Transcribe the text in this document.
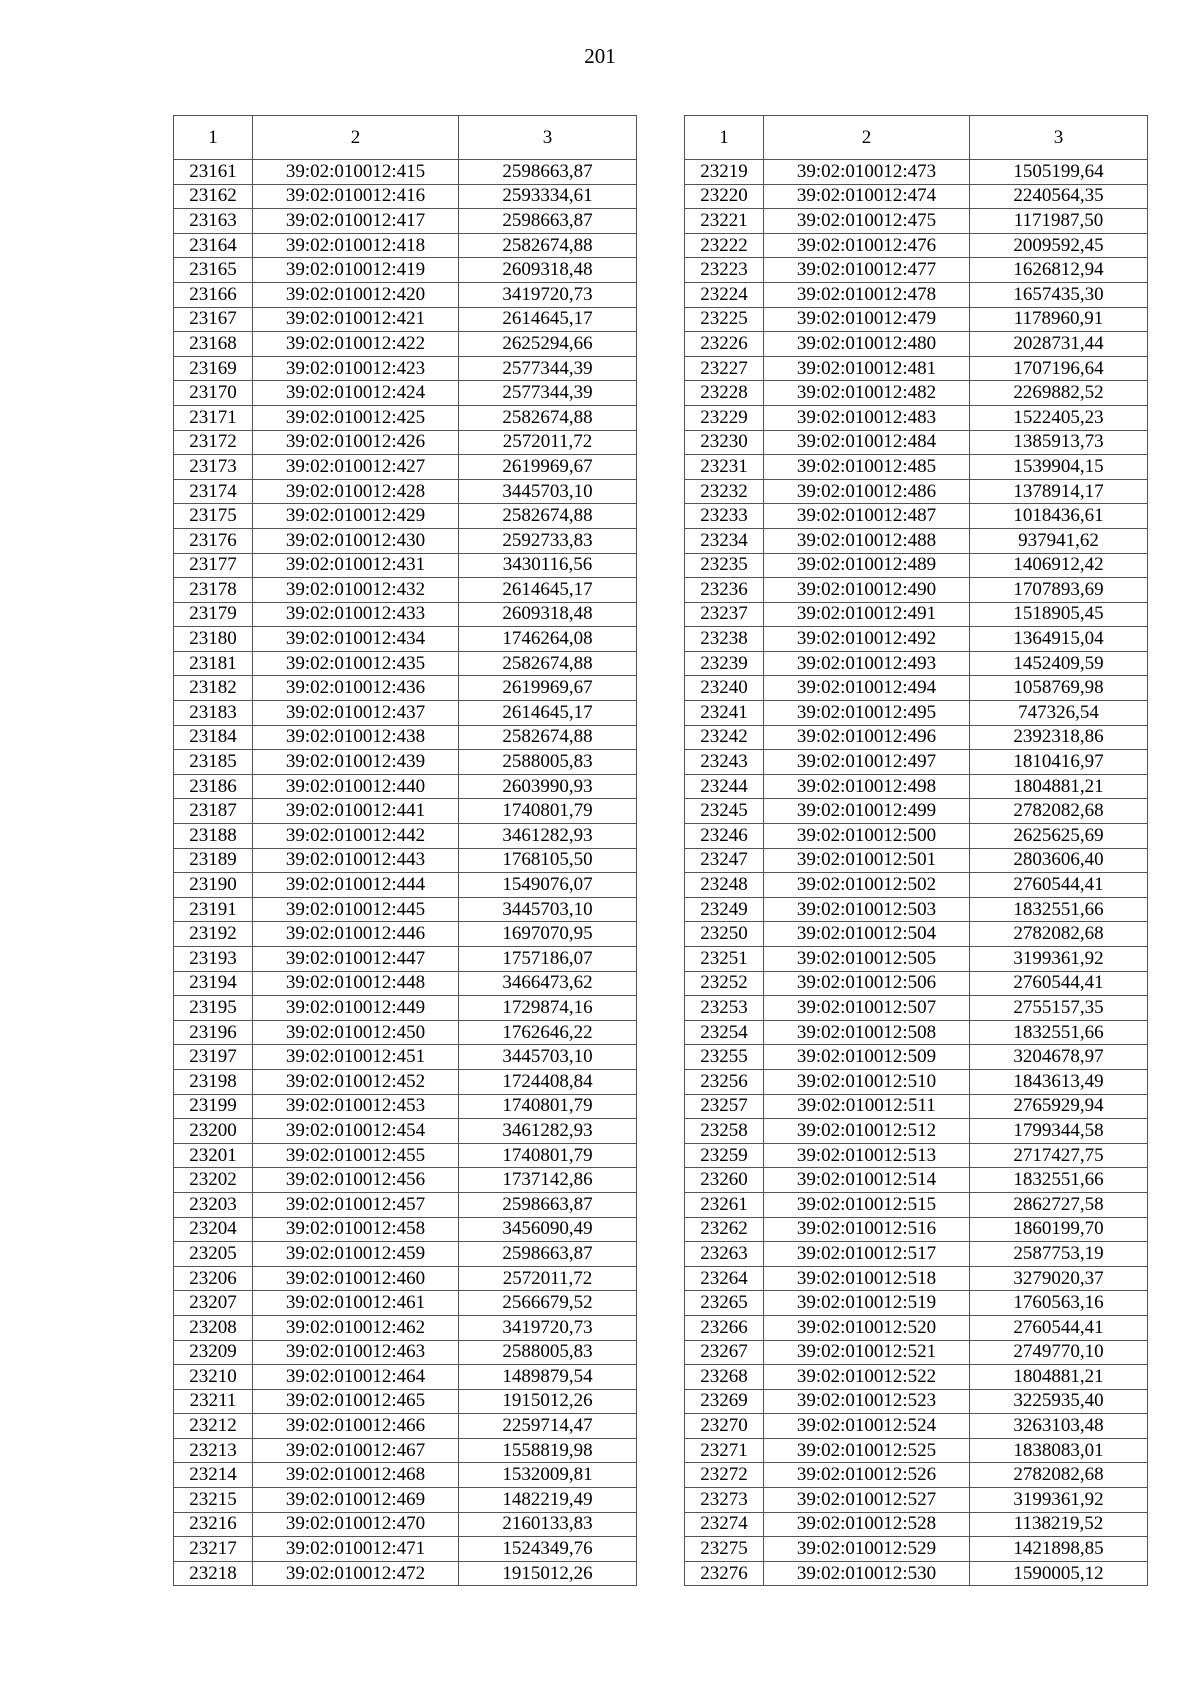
201
1	2	3
23161	39:02:010012:415	2598663,87
23162	39:02:010012:416	2593334,61
23163	39:02:010012:417	2598663,87
23164	39:02:010012:418	2582674,88
23165	39:02:010012:419	2609318,48
23166	39:02:010012:420	3419720,73
23167	39:02:010012:421	2614645,17
23168	39:02:010012:422	2625294,66
23169	39:02:010012:423	2577344,39
23170	39:02:010012:424	2577344,39
23171	39:02:010012:425	2582674,88
23172	39:02:010012:426	2572011,72
23173	39:02:010012:427	2619969,67
23174	39:02:010012:428	3445703,10
23175	39:02:010012:429	2582674,88
23176	39:02:010012:430	2592733,83
23177	39:02:010012:431	3430116,56
23178	39:02:010012:432	2614645,17
23179	39:02:010012:433	2609318,48
23180	39:02:010012:434	1746264,08
23181	39:02:010012:435	2582674,88
23182	39:02:010012:436	2619969,67
23183	39:02:010012:437	2614645,17
23184	39:02:010012:438	2582674,88
23185	39:02:010012:439	2588005,83
23186	39:02:010012:440	2603990,93
23187	39:02:010012:441	1740801,79
23188	39:02:010012:442	3461282,93
23189	39:02:010012:443	1768105,50
23190	39:02:010012:444	1549076,07
23191	39:02:010012:445	3445703,10
23192	39:02:010012:446	1697070,95
23193	39:02:010012:447	1757186,07
23194	39:02:010012:448	3466473,62
23195	39:02:010012:449	1729874,16
23196	39:02:010012:450	1762646,22
23197	39:02:010012:451	3445703,10
23198	39:02:010012:452	1724408,84
23199	39:02:010012:453	1740801,79
23200	39:02:010012:454	3461282,93
23201	39:02:010012:455	1740801,79
23202	39:02:010012:456	1737142,86
23203	39:02:010012:457	2598663,87
23204	39:02:010012:458	3456090,49
23205	39:02:010012:459	2598663,87
23206	39:02:010012:460	2572011,72
23207	39:02:010012:461	2566679,52
23208	39:02:010012:462	3419720,73
23209	39:02:010012:463	2588005,83
23210	39:02:010012:464	1489879,54
23211	39:02:010012:465	1915012,26
23212	39:02:010012:466	2259714,47
23213	39:02:010012:467	1558819,98
23214	39:02:010012:468	1532009,81
23215	39:02:010012:469	1482219,49
23216	39:02:010012:470	2160133,83
23217	39:02:010012:471	1524349,76
23218	39:02:010012:472	1915012,26
1	2	3
23219	39:02:010012:473	1505199,64
23220	39:02:010012:474	2240564,35
23221	39:02:010012:475	1171987,50
23222	39:02:010012:476	2009592,45
23223	39:02:010012:477	1626812,94
23224	39:02:010012:478	1657435,30
23225	39:02:010012:479	1178960,91
23226	39:02:010012:480	2028731,44
23227	39:02:010012:481	1707196,64
23228	39:02:010012:482	2269882,52
23229	39:02:010012:483	1522405,23
23230	39:02:010012:484	1385913,73
23231	39:02:010012:485	1539904,15
23232	39:02:010012:486	1378914,17
23233	39:02:010012:487	1018436,61
23234	39:02:010012:488	937941,62
23235	39:02:010012:489	1406912,42
23236	39:02:010012:490	1707893,69
23237	39:02:010012:491	1518905,45
23238	39:02:010012:492	1364915,04
23239	39:02:010012:493	1452409,59
23240	39:02:010012:494	1058769,98
23241	39:02:010012:495	747326,54
23242	39:02:010012:496	2392318,86
23243	39:02:010012:497	1810416,97
23244	39:02:010012:498	1804881,21
23245	39:02:010012:499	2782082,68
23246	39:02:010012:500	2625625,69
23247	39:02:010012:501	2803606,40
23248	39:02:010012:502	2760544,41
23249	39:02:010012:503	1832551,66
23250	39:02:010012:504	2782082,68
23251	39:02:010012:505	3199361,92
23252	39:02:010012:506	2760544,41
23253	39:02:010012:507	2755157,35
23254	39:02:010012:508	1832551,66
23255	39:02:010012:509	3204678,97
23256	39:02:010012:510	1843613,49
23257	39:02:010012:511	2765929,94
23258	39:02:010012:512	1799344,58
23259	39:02:010012:513	2717427,75
23260	39:02:010012:514	1832551,66
23261	39:02:010012:515	2862727,58
23262	39:02:010012:516	1860199,70
23263	39:02:010012:517	2587753,19
23264	39:02:010012:518	3279020,37
23265	39:02:010012:519	1760563,16
23266	39:02:010012:520	2760544,41
23267	39:02:010012:521	2749770,10
23268	39:02:010012:522	1804881,21
23269	39:02:010012:523	3225935,40
23270	39:02:010012:524	3263103,48
23271	39:02:010012:525	1838083,01
23272	39:02:010012:526	2782082,68
23273	39:02:010012:527	3199361,92
23274	39:02:010012:528	1138219,52
23275	39:02:010012:529	1421898,85
23276	39:02:010012:530	1590005,12
